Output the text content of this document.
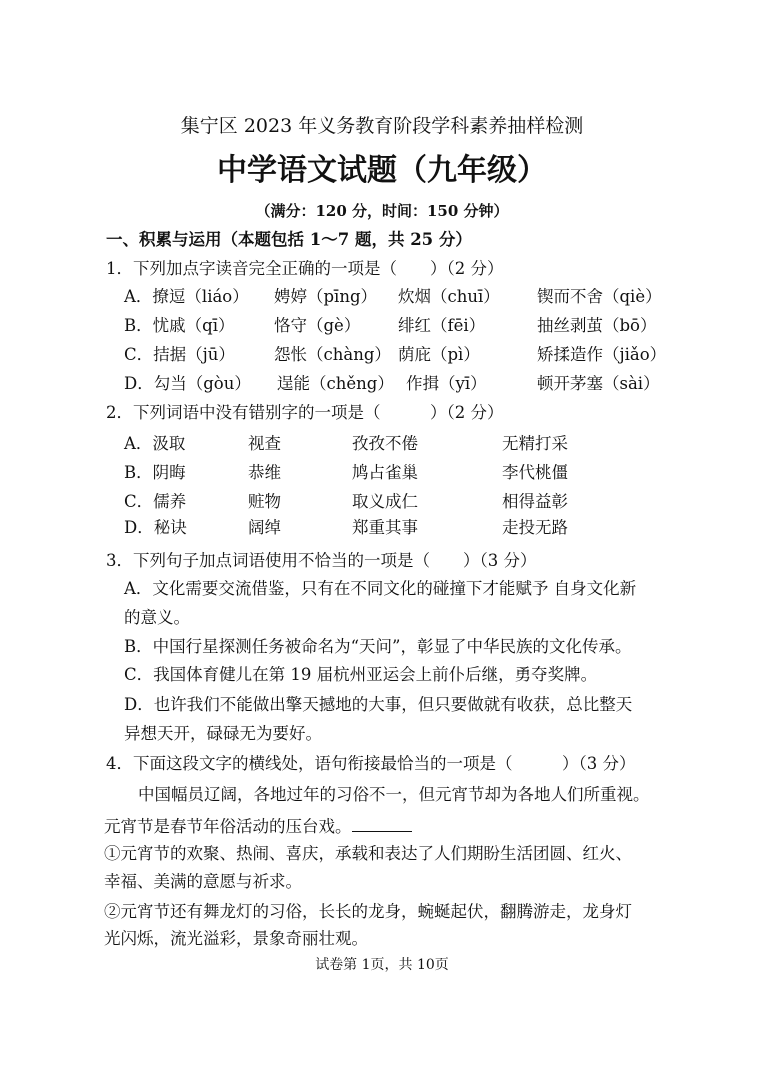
集宁区 2023 年义务教育阶段学科素养抽样检测
中学语文试题（九年级）
（满分：120 分，时间：150 分钟）
一、积累与运用（本题包括 1～7 题，共 25 分）
1．下列加点字读音完全正确的一项是（　　）（2 分）
A．撩逗（liáo） 娉婷（pīng） 炊烟（chuī） 锲而不舍（qiè）
B．忧戚（qī） 恪守（gè） 绯红（fēi）	抽丝剥茧（bō）
C．拮据（jū） 怨怅（chàng） 荫庇（pì）	矫揉造作（jiǎo）
D．勾当（gòu） 逞能（chěng） 作揖（yī）	顿开茅塞（sài）
2．下列词语中没有错别字的一项是（　　　）（2 分）
A．汲取	视查	孜孜不倦	无精打采
B．阴晦	恭维	鸠占雀巢	李代桃僵
C．儒养	赃物	取义成仁	相得益彰
D．秘诀	阔绰	郑重其事	走投无路
3．下列句子加点词语使用不恰当的一项是（　　）（3 分）
A．文化需要交流借鉴，只有在不同文化的碰撞下才能赋予 自身文化新
的意义。
B．中国行星探测任务被命名为“天问”，彰显了中华民族的文化传承。
C．我国体育健儿在第 19 届杭州亚运会上前仆后继，勇夺奖牌。
D．也许我们不能做出擎天撼地的大事，但只要做就有收获，总比整天
异想天开，碌碌无为要好。
4．下面这段文字的横线处，语句衔接最恰当的一项是（　　　）（3 分）
中国幅员辽阔，各地过年的习俗不一，但元宵节却为各地人们所重视。
元宵节是春节年俗活动的压台戏。
①元宵节的欢聚、热闹、喜庆，承载和表达了人们期盼生活团圆、红火、
幸福、美满的意愿与祈求。
②元宵节还有舞龙灯的习俗，长长的龙身，蜿蜒起伏，翻腾游走，龙身灯
光闪烁，流光溢彩，景象奇丽壮观。
试卷第 1页，共 10页
